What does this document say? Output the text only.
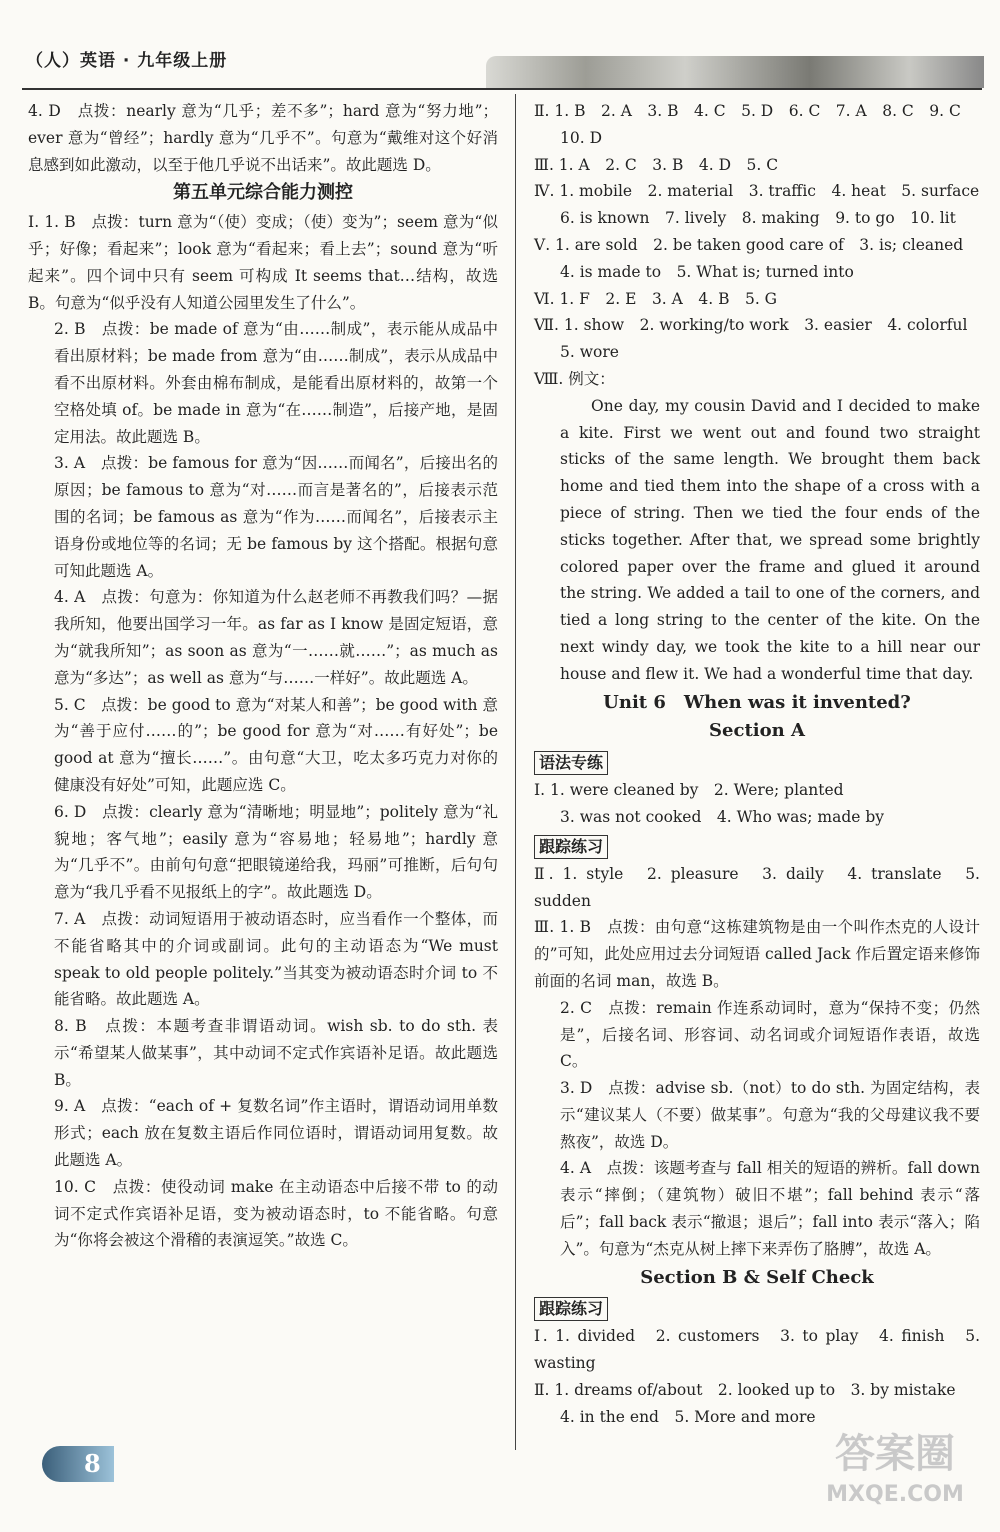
（人）英语 · 九年级上册

4. D　点拨：nearly 意为“几乎；差不多”；hard 意为“努力地”；ever 意为“曾经”；hardly 意为“几乎不”。句意为“戴维对这个好消息感到如此激动，以至于他几乎说不出话来”。故此题选 D。

第五单元综合能力测控

Ⅰ. 1. B　点拨：turn 意为“（使）变成；（使）变为”；seem 意为“似乎；好像；看起来”；look 意为“看起来；看上去”；sound 意为“听起来”。四个词中只有 seem 可构成 It seems that…结构，故选 B。句意为“似乎没有人知道公园里发生了什么”。

2. B　点拨：be made of 意为“由……制成”，表示能从成品中看出原材料；be made from 意为“由……制成”，表示从成品中看不出原材料。外套由棉布制成，是能看出原材料的，故第一个空格处填 of。be made in 意为“在……制造”，后接产地，是固定用法。故此题选 B。

3. A　点拨：be famous for 意为“因……而闻名”，后接出名的原因；be famous to 意为“对……而言是著名的”，后接表示范围的名词；be famous as 意为“作为……而闻名”，后接表示主语身份或地位等的名词；无 be famous by 这个搭配。根据句意可知此题选 A。

4. A　点拨：句意为：你知道为什么赵老师不再教我们吗？—据我所知，他要出国学习一年。as far as I know 是固定短语，意为“就我所知”；as soon as 意为“一……就……”；as much as 意为“多达”；as well as 意为“与……一样好”。故此题选 A。

5. C　点拨：be good to 意为“对某人和善”；be good with 意为“善于应付……的”；be good for 意为“对……有好处”；be good at 意为“擅长……”。由句意“大卫，吃太多巧克力对你的健康没有好处”可知，此题应选 C。

6. D　点拨：clearly 意为“清晰地；明显地”；politely 意为“礼貌地；客气地”；easily 意为“容易地；轻易地”；hardly 意为“几乎不”。由前句句意“把眼镜递给我，玛丽”可推断，后句句意为“我几乎看不见报纸上的字”。故此题选 D。

7. A　点拨：动词短语用于被动语态时，应当看作一个整体，而不能省略其中的介词或副词。此句的主动语态为“We must speak to old people politely.”当其变为被动语态时介词 to 不能省略。故此题选 A。

8. B　点拨：本题考查非谓语动词。wish sb. to do sth. 表示“希望某人做某事”，其中动词不定式作宾语补足语。故此题选 B。

9. A　点拨：“each of + 复数名词”作主语时，谓语动词用单数形式；each 放在复数主语后作同位语时，谓语动词用复数。故此题选 A。

10. C　点拨：使役动词 make 在主动语态中后接不带 to 的动词不定式作宾语补足语，变为被动语态时，to 不能省略。句意为“你将会被这个滑稽的表演逗笑。”故选 C。

Ⅱ. 1. B　2. A　3. B　4. C　5. D　6. C　7. A　8. C　9. C

10. D

Ⅲ. 1. A　2. C　3. B　4. D　5. C

Ⅳ. 1. mobile　2. material　3. traffic　4. heat　5. surface

6. is known　7. lively　8. making　9. to go　10. lit

Ⅴ. 1. are sold　2. be taken good care of　3. is; cleaned

4. is made to　5. What is; turned into

Ⅵ. 1. F　2. E　3. A　4. B　5. G

Ⅶ. 1. show　2. working/to work　3. easier　4. colorful

5. wore

Ⅷ. 例文：

One day, my cousin David and I decided to make a kite. First we went out and found two straight sticks of the same length. We brought them back home and tied them into the shape of a cross with a piece of string. Then we tied the four ends of the sticks together. After that, we spread some brightly colored paper over the frame and glued it around the string. We added a tail to one of the corners, and tied a long string to the center of the kite. On the next windy day, we took the kite to a hill near our house and flew it. We had a wonderful time that day.

Unit 6　When was it invented?

Section A

语法专练

Ⅰ. 1. were cleaned by　2. Were; planted

3. was not cooked　4. Who was; made by

跟踪练习

Ⅱ. 1. style　2. pleasure　3. daily　4. translate　5. sudden

Ⅲ. 1. B　点拨：由句意“这栋建筑物是由一个叫作杰克的人设计的”可知，此处应用过去分词短语 called Jack 作后置定语来修饰前面的名词 man，故选 B。

2. C　点拨：remain 作连系动词时，意为“保持不变；仍然是”，后接名词、形容词、动名词或介词短语作表语，故选 C。

3. D　点拨：advise sb.（not）to do sth. 为固定结构，表示“建议某人（不要）做某事”。句意为“我的父母建议我不要熬夜”，故选 D。

4. A　点拨：该题考查与 fall 相关的短语的辨析。fall down 表示“摔倒；（建筑物）破旧不堪”；fall behind 表示“落后”；fall back 表示“撤退；退后”；fall into 表示“落入；陷入”。句意为“杰克从树上摔下来弄伤了胳膊”，故选 A。

Section B & Self Check

跟踪练习

Ⅰ. 1. divided　2. customers　3. to play　4. finish　5. wasting

Ⅱ. 1. dreams of/about　2. looked up to　3. by mistake

4. in the end　5. More and more

8	答案圈
MXQE.COM
